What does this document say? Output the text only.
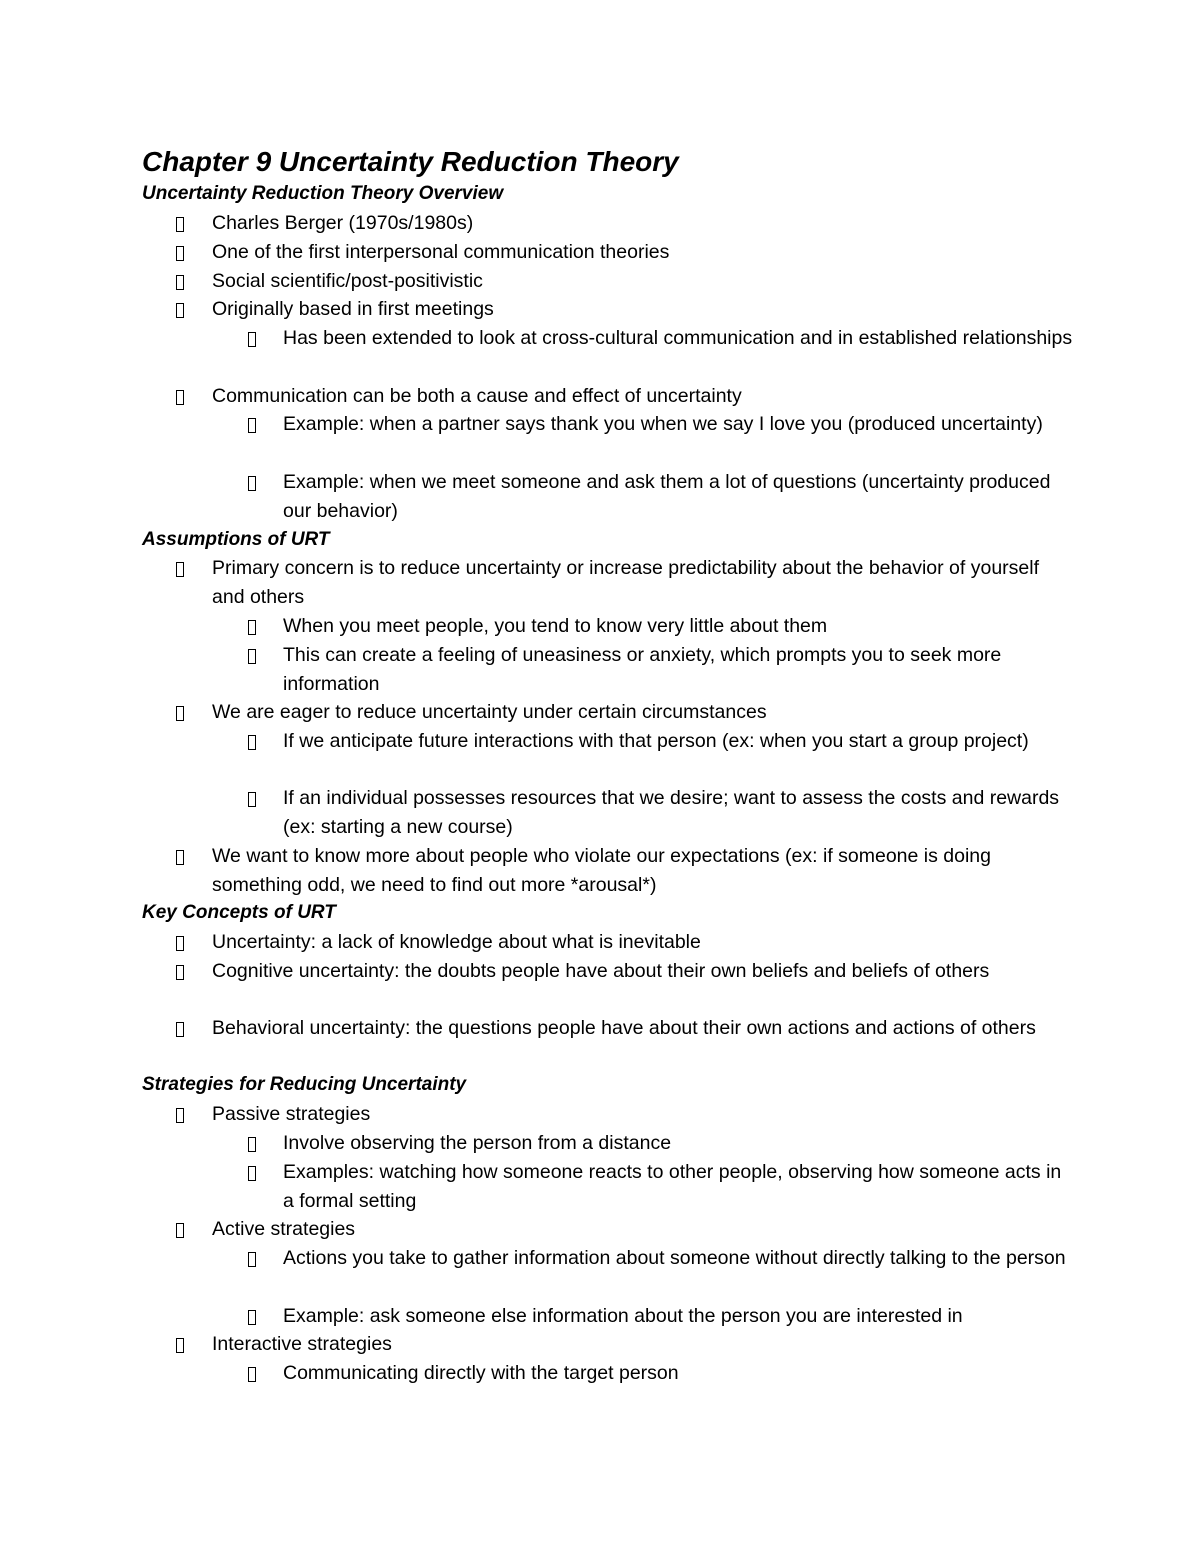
Chapter 9 Uncertainty Reduction Theory
Uncertainty Reduction Theory Overview
Charles Berger (1970s/1980s)
One of the first interpersonal communication theories
Social scientific/post-positivistic
Originally based in first meetings
Has been extended to look at cross-cultural communication and in established relationships
Communication can be both a cause and effect of uncertainty
Example: when a partner says thank you when we say I love you (produced uncertainty)
Example: when we meet someone and ask them a lot of questions (uncertainty produced our behavior)
Assumptions of URT
Primary concern is to reduce uncertainty or increase predictability about the behavior of yourself and others
When you meet people, you tend to know very little about them
This can create a feeling of uneasiness or anxiety, which prompts you to seek more information
We are eager to reduce uncertainty under certain circumstances
If we anticipate future interactions with that person (ex: when you start a group project)
If an individual possesses resources that we desire; want to assess the costs and rewards (ex: starting a new course)
We want to know more about people who violate our expectations (ex: if someone is doing something odd, we need to find out more *arousal*)
Key Concepts of URT
Uncertainty: a lack of knowledge about what is inevitable
Cognitive uncertainty: the doubts people have about their own beliefs and beliefs of others
Behavioral uncertainty: the questions people have about their own actions and actions of others
Strategies for Reducing Uncertainty
Passive strategies
Involve observing the person from a distance
Examples: watching how someone reacts to other people, observing how someone acts in a formal setting
Active strategies
Actions you take to gather information about someone without directly talking to the person
Example: ask someone else information about the person you are interested in
Interactive strategies
Communicating directly with the target person
